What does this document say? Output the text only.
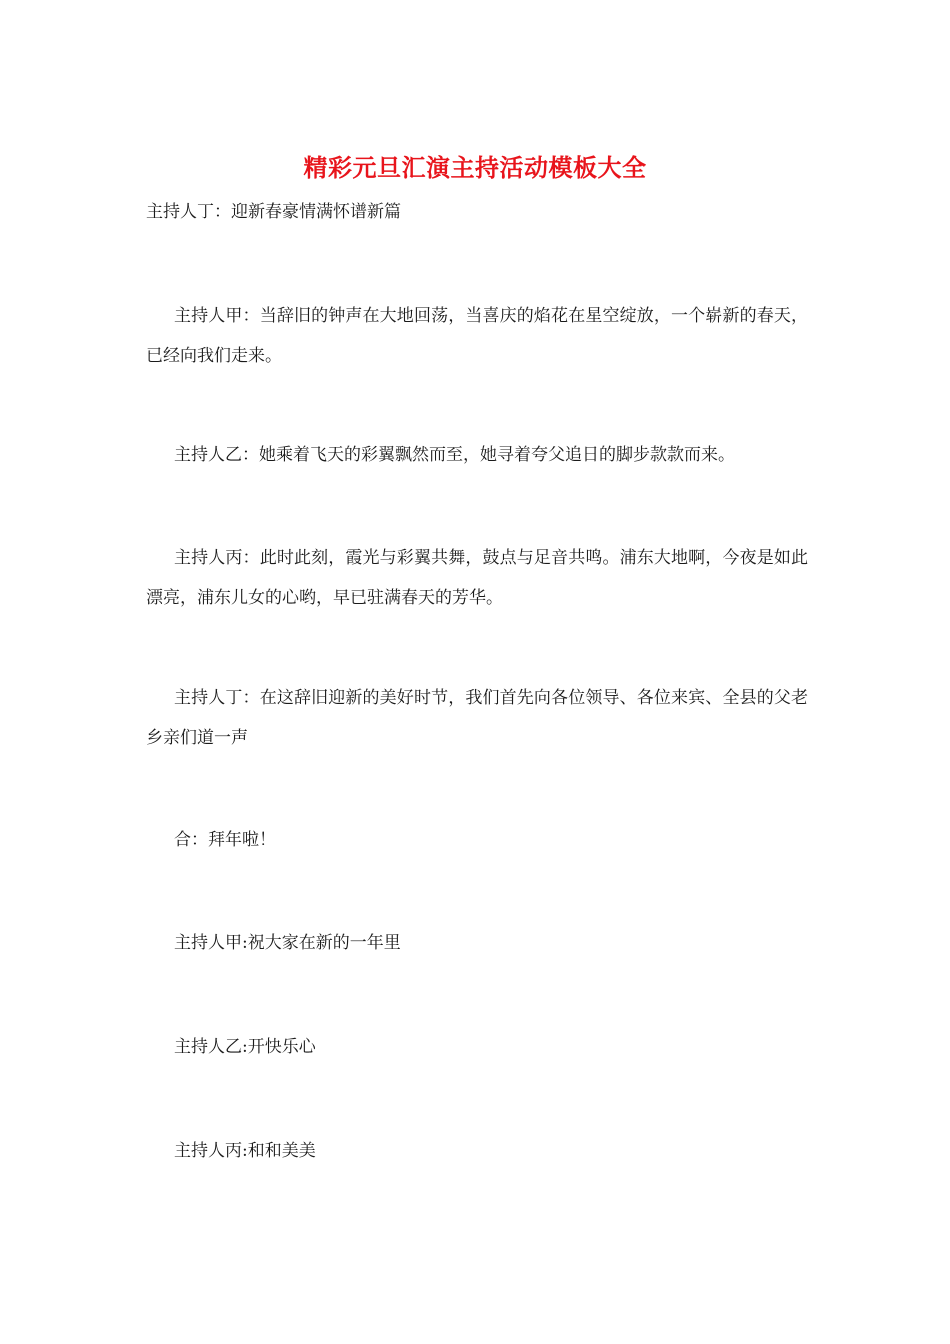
精彩元旦汇演主持活动模板大全
主持人丁：迎新春豪情满怀谱新篇

主持人甲：当辞旧的钟声在大地回荡，当喜庆的焰花在星空绽放，一个崭新的春天，已经向我们走来。

主持人乙：她乘着飞天的彩翼飘然而至，她寻着夸父追日的脚步款款而来。

主持人丙：此时此刻，霞光与彩翼共舞，鼓点与足音共鸣。浦东大地啊，今夜是如此漂亮，浦东儿女的心哟，早已驻满春天的芳华。

主持人丁：在这辞旧迎新的美好时节，我们首先向各位领导、各位来宾、全县的父老乡亲们道一声

合：拜年啦！

主持人甲:祝大家在新的一年里

主持人乙:开快乐心

主持人丙:和和美美
